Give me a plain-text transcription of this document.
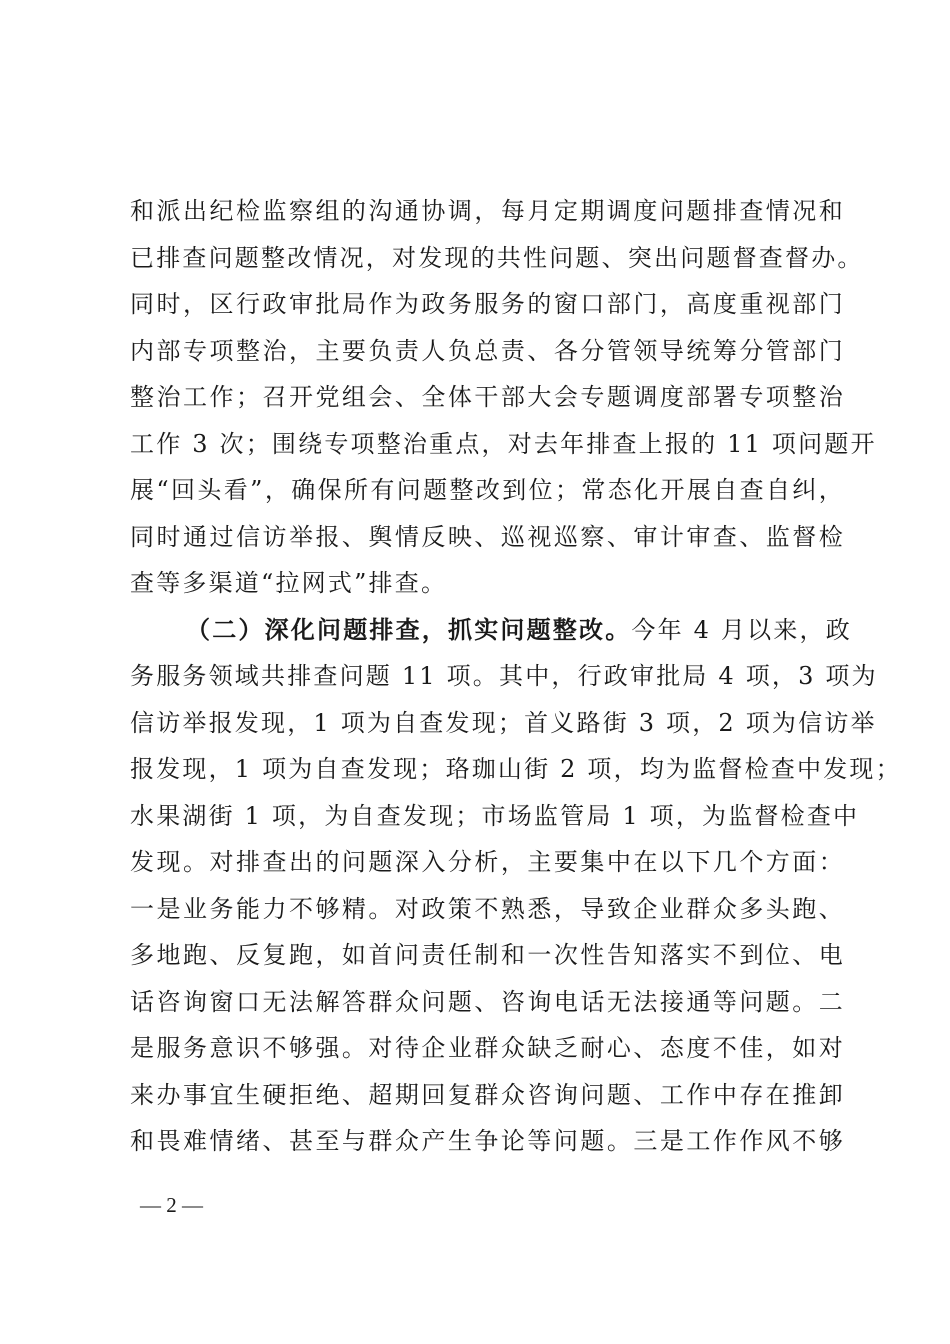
和派出纪检监察组的沟通协调，每月定期调度问题排查情况和
已排查问题整改情况，对发现的共性问题、突出问题督查督办。
同时，区行政审批局作为政务服务的窗口部门，高度重视部门
内部专项整治，主要负责人负总责、各分管领导统筹分管部门
整治工作；召开党组会、全体干部大会专题调度部署专项整治
工作 3 次；围绕专项整治重点，对去年排查上报的 11 项问题开
展“回头看”，确保所有问题整改到位；常态化开展自查自纠，
同时通过信访举报、舆情反映、巡视巡察、审计审查、监督检
查等多渠道“拉网式”排查。
（二）深化问题排查，抓实问题整改。今年 4 月以来，政
务服务领域共排查问题 11 项。其中，行政审批局 4 项，3 项为
信访举报发现，1 项为自查发现；首义路街 3 项，2 项为信访举
报发现，1 项为自查发现；珞珈山街 2 项，均为监督检查中发现；
水果湖街 1 项，为自查发现；市场监管局 1 项，为监督检查中
发现。对排查出的问题深入分析，主要集中在以下几个方面：
一是业务能力不够精。对政策不熟悉，导致企业群众多头跑、
多地跑、反复跑，如首问责任制和一次性告知落实不到位、电
话咨询窗口无法解答群众问题、咨询电话无法接通等问题。二
是服务意识不够强。对待企业群众缺乏耐心、态度不佳，如对
来办事宜生硬拒绝、超期回复群众咨询问题、工作中存在推卸
和畏难情绪、甚至与群众产生争论等问题。三是工作作风不够
— 2 —
